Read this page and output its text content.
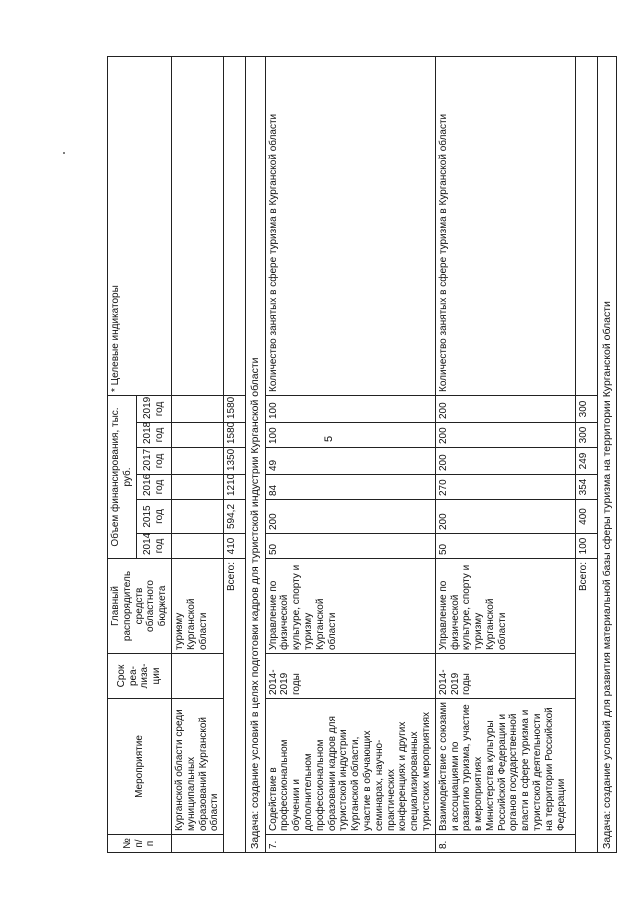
5
№ п/п	Мероприятие	Срок реа-лиза-ции	Главный распорядитель средств областного бюджета	Объем финансирования, тыс. руб.						* Целевые индикаторы
				2014 год	2015 год	2016 год	2017 год	2018 год	2019 год	
	Курганской области среди муниципальных образований Курганской области		туризму Курганской области							
Всего:				410	594,2	1210	1350	1580	1580	
Задача: создание условий в целях подготовки кадров для туристской индустрии Курганской области										
7.	Содействие в профессиональном обучении и дополнительном профессиональном образовании кадров для туристской индустрии Курганской области, участие в обучающих семинарах, научно-практических конференциях и других специализированных туристских мероприятиях	2014-2019 годы	Управление по физической культуре, спорту и туризму Курганской области	50	200	84	49	100	100	Количество занятых в сфере туризма в Курганской области
8.	Взаимодействие с союзами и ассоциациями по развитию туризма, участие в мероприятиях Министерства культуры Российской Федерации и органов государственной власти в сфере туризма и туристской деятельности на территории Российской Федерации	2014-2019 годы	Управление по физической культуре, спорту и туризму Курганской области	50	200	270	200	200	200	Количество занятых в сфере туризма в Курганской области
Всего:				100	400	354	249	300	300	
Задача: создание условий для развития материальной базы сферы туризма на территории Курганской области										
